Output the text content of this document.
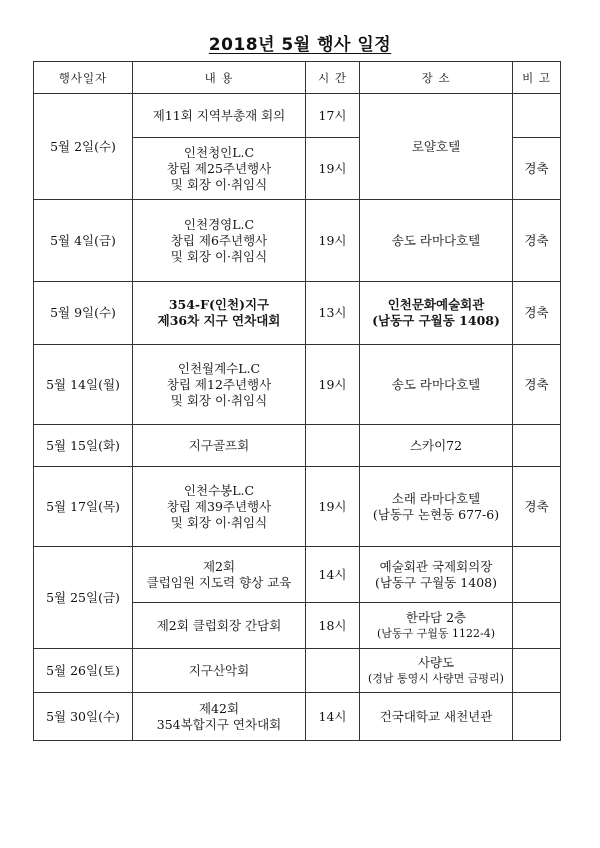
2018년 5월 행사 일정
행사일자	내 용	시 간	장 소	비 고
5월 2일(수)	제11회 지역부총재 회의	17시	로얄호텔	

	인천청인L.C
창립 제25주년행사
및 회장 이·취임식	19시		경축
5월 4일(금)	인천경영L.C
창립 제6주년행사
및 회장 이·취임식	19시	송도 라마다호텔	경축
5월 9일(수)	354-F(인천)지구
제36차 지구 연차대회	13시	인천문화예술회관
(남동구 구월동 1408)	경축
5월 14일(월)	인천월계수L.C
창립 제12주년행사
및 회장 이·취임식	19시	송도 라마다호텔	경축
5월 15일(화)	지구골프회		스카이72	

5월 17일(목)	인천수봉L.C
창립 제39주년행사
및 회장 이·취임식	19시	소래 라마다호텔
(남동구 논현동 677-6)	경축
5월 25일(금)	제2회
클럽임원 지도력 향상 교육	14시	예술회관 국제회의장
(남동구 구월동 1408)	

	제2회 클럽회장 간담회	18시	한라담 2층
(남동구 구월동 1122-4)	

5월 26일(토)	지구산악회		사량도
(경남 통영시 사량면 금평리)	

5월 30일(수)	제42회
354복합지구 연차대회	14시	건국대학교 새천년관	
